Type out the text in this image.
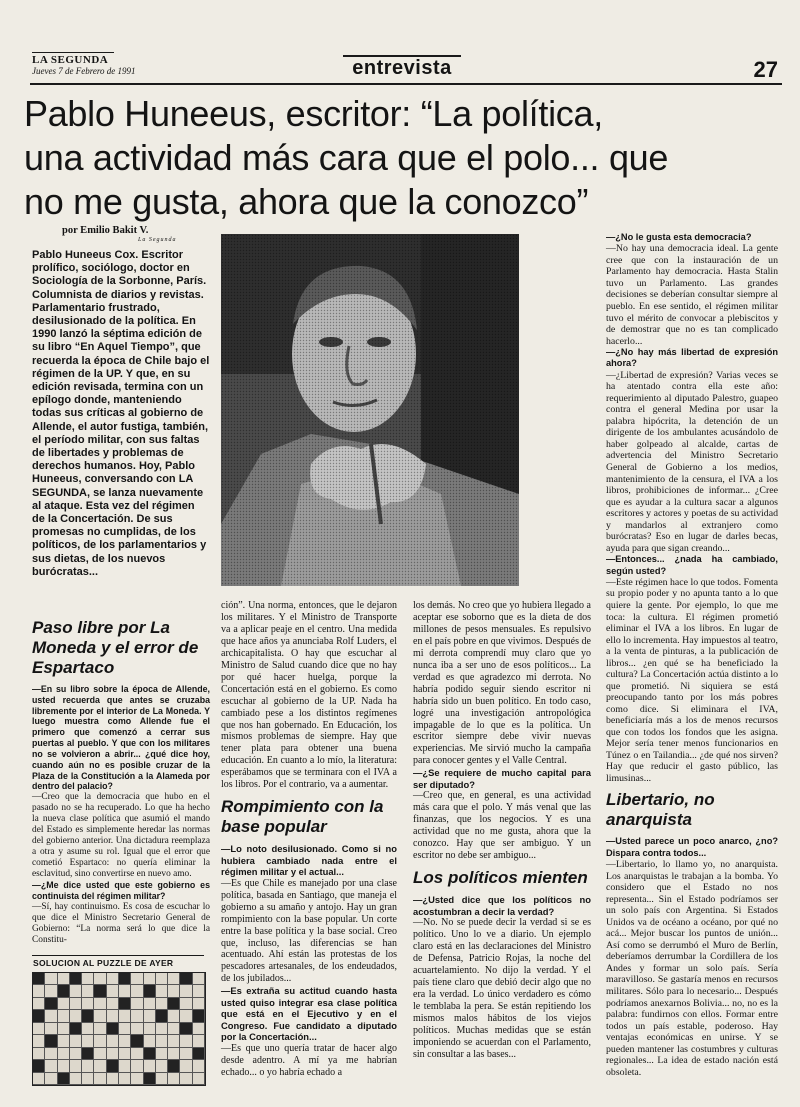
LA SEGUNDA
Jueves 7 de Febrero de 1991	entrevista	27
Pablo Huneeus, escritor: “La política,
una actividad más cara que el polo... que
no me gusta, ahora que la conozco”
por Emilio Bakit V.
La Segunda
Pablo Huneeus Cox. Escritor prolífico, sociólogo, doctor en Sociología de la Sorbonne, París. Columnista de diarios y revistas. Parlamentario frustrado, desilusionado de la política. En 1990 lanzó la séptima edición de su libro “En Aquel Tiempo”, que recuerda la época de Chile bajo el régimen de la UP. Y que, en su edición revisada, termina con un epílogo donde, manteniendo todas sus críticas al gobierno de Allende, el autor fustiga, también, el período militar, con sus faltas de libertades y problemas de derechos humanos. Hoy, Pablo Huneeus, conversando con LA SEGUNDA, se lanza nuevamente al ataque. Esta vez del régimen de la Concertación. De sus promesas no cumplidas, de los políticos, de los parlamentarios y sus dietas, de los nuevos burócratas...
Paso libre por La Moneda y el error de Espartaco

—En su libro sobre la época de Allende, usted recuerda que antes se cruzaba libremente por el interior de La Moneda. Y luego muestra como Allende fue el primero que comenzó a cerrar sus puertas al pueblo. Y que con los militares no se volvieron a abrir... ¿qué dice hoy, cuando aún no es posible cruzar de la Plaza de la Constitución a la Alameda por dentro del palacio?

—Creo que la democracia que hubo en el pasado no se ha recuperado. Lo que ha hecho la nueva clase política que asumió el mando del Estado es simplemente heredar las normas del gobierno anterior. Una dictadura reemplaza a otra y asume su rol. Igual que el error que cometió Espartaco: no quería eliminar la esclavitud, sino convertirse en nuevo amo.

—¿Me dice usted que este gobierno es continuista del régimen militar?

—Sí, hay continuismo. Es cosa de escuchar lo que dice el Ministro Secretario General de Gobierno: “La norma será lo que dice la Constitu-

SOLUCION AL PUZZLE DE AYER

ción”. Una norma, entonces, que le dejaron los militares. Y el Ministro de Transporte va a aplicar peaje en el centro. Una medida que hace años ya anunciaba Rolf Luders, el archicapitalista. O hay que escuchar al Ministro de Salud cuando dice que no hay por qué hacer huelga, porque la Concertación está en el gobierno. Es como escuchar al gobierno de la UP. Nada ha cambiado pese a los distintos regímenes que nos han gobernado. En Educación, los mismos problemas de siempre. Hay que tener plata para obtener una buena educación. En cuanto a lo mío, la literatura: esperábamos que se terminara con el IVA a los libros. Por el contrario, va a aumentar.

Rompimiento con la base popular

—Lo noto desilusionado. Como si no hubiera cambiado nada entre el régimen militar y el actual...

—Es que Chile es manejado por una clase política, basada en Santiago, que maneja el gobierno a su amaño y antojo. Hay un gran rompimiento con la base popular. Un corte entre la base política y la base social. Creo que, incluso, las diferencias se han acentuado. Ahí están las protestas de los pescadores artesanales, de los endeudados, de los jubilados...

—Es extraña su actitud cuando hasta usted quiso integrar esa clase política que está en el Ejecutivo y en el Congreso. Fue candidato a diputado por la Concertación...

—Es que uno quería tratar de hacer algo desde adentro. A mí ya me habrían echado... o yo habría echado a

los demás. No creo que yo hubiera llegado a aceptar ese soborno que es la dieta de dos millones de pesos mensuales. Es repulsivo en el país pobre en que vivimos. Después de mi derrota comprendí muy claro que yo nunca iba a ser uno de esos políticos... La verdad es que agradezco mi derrota. No habría podido seguir siendo escritor ni habría sido un buen político. En todo caso, logré una investigación antropológica impagable de lo que es la política. Un escritor siempre debe vivir nuevas experiencias. Me sirvió mucho la campaña para conocer gentes y el Valle Central.

—¿Se requiere de mucho capital para ser diputado?

—Creo que, en general, es una actividad más cara que el polo. Y más venal que las finanzas, que los negocios. Y es una actividad que no me gusta, ahora que la conozco. Hay que ser ambiguo. Y un escritor no debe ser ambiguo...

Los políticos mienten

—¿Usted dice que los políticos no acostumbran a decir la verdad?

—No. No se puede decir la verdad si se es político. Uno lo ve a diario. Un ejemplo claro está en las declaraciones del Ministro de Defensa, Patricio Rojas, la noche del acuartelamiento. No dijo la verdad. Y el país tiene claro que debió decir algo que no era la verdad. Lo único verdadero es cómo le temblaba la pera. Se están repitiendo los mismos malos hábitos de los viejos políticos. Muchas medidas que se están imponiendo se acuerdan con el Parlamento, sin consultar a las bases...

—¿No le gusta esta democracia?

—No hay una democracia ideal. La gente cree que con la instauración de un Parlamento hay democracia. Hasta Stalin tuvo un Parlamento. Las grandes decisiones se deberían consultar siempre al pueblo. En ese sentido, el régimen militar tuvo el mérito de convocar a plebiscitos y de demostrar que no es tan complicado hacerlo...

—¿No hay más libertad de expresión ahora?

—¿Libertad de expresión? Varias veces se ha atentado contra ella este año: requerimiento al diputado Palestro, guapeo contra el general Medina por usar la palabra hipócrita, la detención de un dirigente de los ambulantes acusándolo de haber golpeado al alcalde, cartas de advertencia del Ministro Secretario General de Gobierno a los medios, mantenimiento de la censura, el IVA a los libros, prohibiciones de informar... ¿Cree que es ayudar a la cultura sacar a algunos escritores y actores y poetas de su actividad y mandarlos al extranjero como burócratas? Eso en lugar de darles becas, ayuda para que sigan creando...

—Entonces... ¿nada ha cambiado, según usted?

—Este régimen hace lo que todos. Fomenta su propio poder y no apunta tanto a lo que quiere la gente. Por ejemplo, lo que me toca: la cultura. El régimen prometió eliminar el IVA a los libros. En lugar de ello lo incrementa. Hay impuestos al teatro, a la venta de pinturas, a la publicación de libros... ¿en qué se ha beneficiado la cultura? La Concertación actúa distinto a lo que prometió. Ni siquiera se está preocupando tanto por los más pobres como dice. Si eliminara el IVA, beneficiaría más a los de menos recursos que con todos los fondos que les asigna. Mejor sería tener menos funcionarios en Túnez o en Tailandia... ¿de qué nos sirven? Hay que reducir el gasto público, las limusinas...

Libertario, no anarquista

—Usted parece un poco anarco, ¿no? Dispara contra todos...

—Libertario, lo llamo yo, no anarquista. Los anarquistas le trabajan a la bomba. Yo considero que el Estado no nos representa... Sin el Estado podríamos ser un solo país con Argentina. Si Estados Unidos va de océano a océano, por qué no acá... Mejor buscar los puntos de unión... Así como se derrumbó el Muro de Berlín, deberíamos derrumbar la Cordillera de los Andes y formar un solo país. Sería maravilloso. Se gastaría menos en recursos militares. Sólo para lo necesario... Después podríamos anexarnos Bolivia... no, no es la palabra: fundirnos con ellos. Formar entre todos un país estable, poderoso. Hay ventajas económicas en unirse. Y se pueden mantener las costumbres y culturas regionales... La idea de estado nación está obsoleta.
